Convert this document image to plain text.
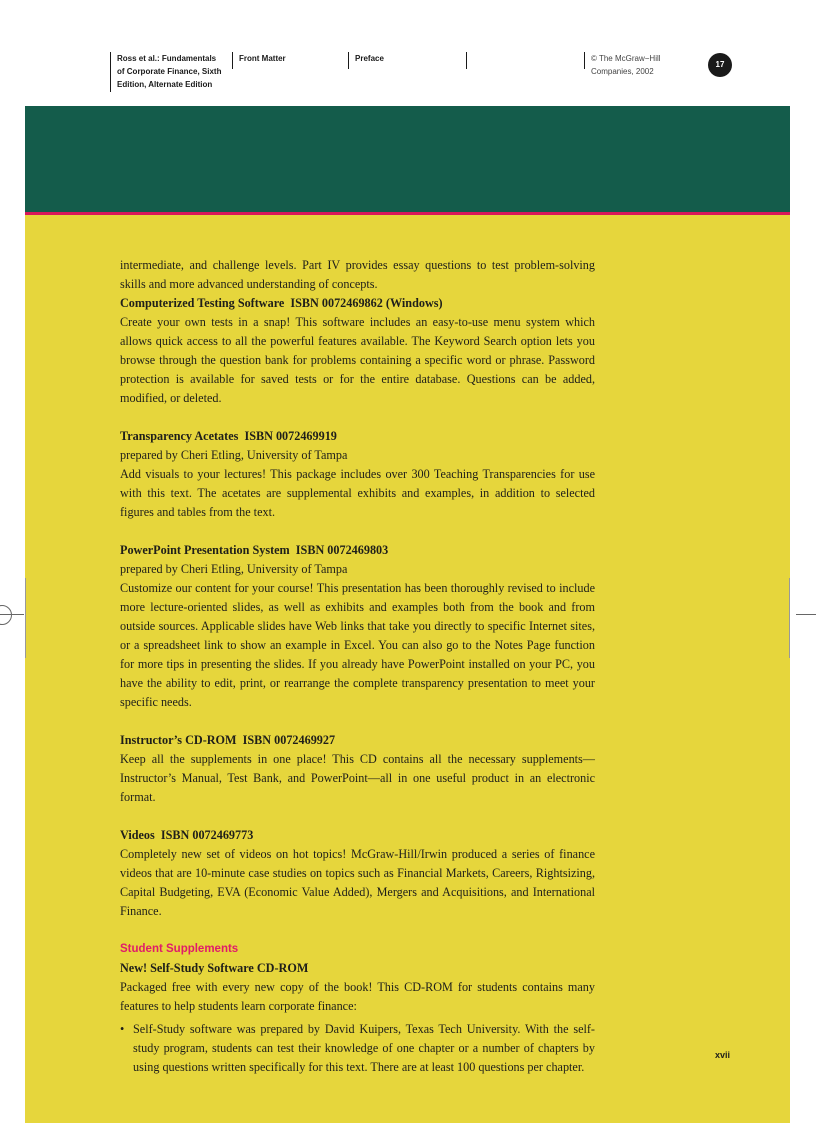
Ross et al.: Fundamentals
of Corporate Finance, Sixth
Edition, Alternate Edition
Front Matter	Preface	© The McGraw−Hill
Companies, 2002
17

intermediate, and challenge levels. Part IV provides essay questions to test problem-solving skills and more advanced understanding of concepts.

Computerized Testing Software ISBN 0072469862 (Windows)

Create your own tests in a snap! This software includes an easy-to-use menu system which allows quick access to all the powerful features available. The Keyword Search option lets you browse through the question bank for problems containing a specific word or phrase. Password protection is available for saved tests or for the entire database. Questions can be added, modified, or deleted.

Transparency Acetates ISBN 0072469919

prepared by Cheri Etling, University of Tampa

Add visuals to your lectures! This package includes over 300 Teaching Transparencies for use with this text. The acetates are supplemental exhibits and examples, in addition to selected figures and tables from the text.

PowerPoint Presentation System ISBN 0072469803

prepared by Cheri Etling, University of Tampa

Customize our content for your course! This presentation has been thoroughly revised to include more lecture-oriented slides, as well as exhibits and examples both from the book and from outside sources. Applicable slides have Web links that take you directly to specific Internet sites, or a spreadsheet link to show an example in Excel. You can also go to the Notes Page function for more tips in presenting the slides. If you already have PowerPoint installed on your PC, you have the ability to edit, print, or rearrange the complete transparency presentation to meet your specific needs.

Instructor’s CD-ROM ISBN 0072469927

Keep all the supplements in one place! This CD contains all the necessary supplements—Instructor’s Manual, Test Bank, and PowerPoint—all in one useful product in an electronic format.

Videos ISBN 0072469773

Completely new set of videos on hot topics! McGraw-Hill/Irwin produced a series of finance videos that are 10-minute case studies on topics such as Financial Markets, Careers, Rightsizing, Capital Budgeting, EVA (Economic Value Added), Mergers and Acquisitions, and International Finance.

Student Supplements

New! Self-Study Software CD-ROM

Packaged free with every new copy of the book! This CD-ROM for students contains many features to help students learn corporate finance:

• Self-Study software was prepared by David Kuipers, Texas Tech University. With the self-study program, students can test their knowledge of one chapter or a number of chapters by using questions written specifically for this text. There are at least 100 questions per chapter.
xvii
